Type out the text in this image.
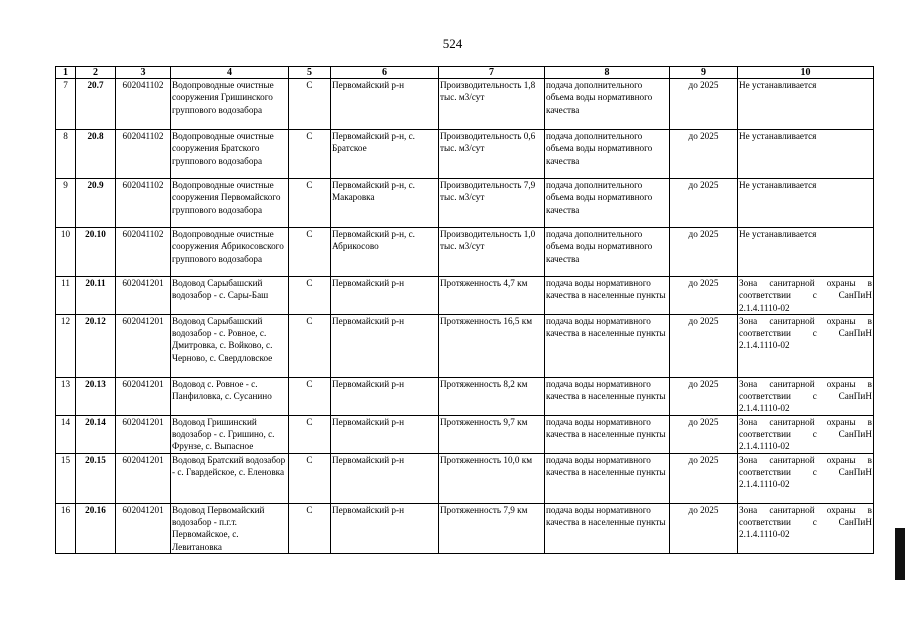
524
1	2	3	4	5	6	7	8	9	10
7	20.7	602041102	Водопроводные очистные сооружения Гришинского группового водозабора	С	Первомайский р-н	Производительность 1,8 тыс. м3/сут	подача дополнительного объема воды нормативного качества	до 2025	Не устанавливается
8	20.8	602041102	Водопроводные очистные сооружения Братского группового водозабора	С	Первомайский р-н, с. Братское	Производительность 0,6 тыс. м3/сут	подача дополнительного объема воды нормативного качества	до 2025	Не устанавливается
9	20.9	602041102	Водопроводные очистные сооружения Первомайского группового водозабора	С	Первомайский р-н, с. Макаровка	Производительность 7,9 тыс. м3/сут	подача дополнительного объема воды нормативного качества	до 2025	Не устанавливается
10	20.10	602041102	Водопроводные очистные сооружения Абрикосовского группового водозабора	С	Первомайский р-н, с. Абрикосово	Производительность 1,0 тыс. м3/сут	подача дополнительного объема воды нормативного качества	до 2025	Не устанавливается
11	20.11	602041201	Водовод Сарыбашский водозабор - с. Сары-Баш	С	Первомайский р-н	Протяженность 4,7 км	подача воды нормативного качества в населенные пункты	до 2025	Зона санитарной охраны в соответствии с СанПиН 2.1.4.1110-02
12	20.12	602041201	Водовод Сарыбашский водозабор - с. Ровное, с. Дмитровка, с. Войково, с. Черново, с. Свердловское	С	Первомайский р-н	Протяженность 16,5 км	подача воды нормативного качества в населенные пункты	до 2025	Зона санитарной охраны в соответствии с СанПиН 2.1.4.1110-02
13	20.13	602041201	Водовод с. Ровное - с. Панфиловка, с. Сусанино	С	Первомайский р-н	Протяженность 8,2 км	подача воды нормативного качества в населенные пункты	до 2025	Зона санитарной охраны в соответствии с СанПиН 2.1.4.1110-02
14	20.14	602041201	Водовод Гришинский водозабор - с. Гришино, с. Фрунзе, с. Выпасное	С	Первомайский р-н	Протяженность 9,7 км	подача воды нормативного качества в населенные пункты	до 2025	Зона санитарной охраны в соответствии с СанПиН 2.1.4.1110-02
15	20.15	602041201	Водовод Братский водозабор - с. Гвардейское, с. Еленовка	С	Первомайский р-н	Протяженность 10,0 км	подача воды нормативного качества в населенные пункты	до 2025	Зона санитарной охраны в соответствии с СанПиН 2.1.4.1110-02
16	20.16	602041201	Водовод Первомайский водозабор - п.г.т. Первомайское, с. Левитановка	С	Первомайский р-н	Протяженность 7,9 км	подача воды нормативного качества в населенные пункты	до 2025	Зона санитарной охраны в соответствии с СанПиН 2.1.4.1110-02
